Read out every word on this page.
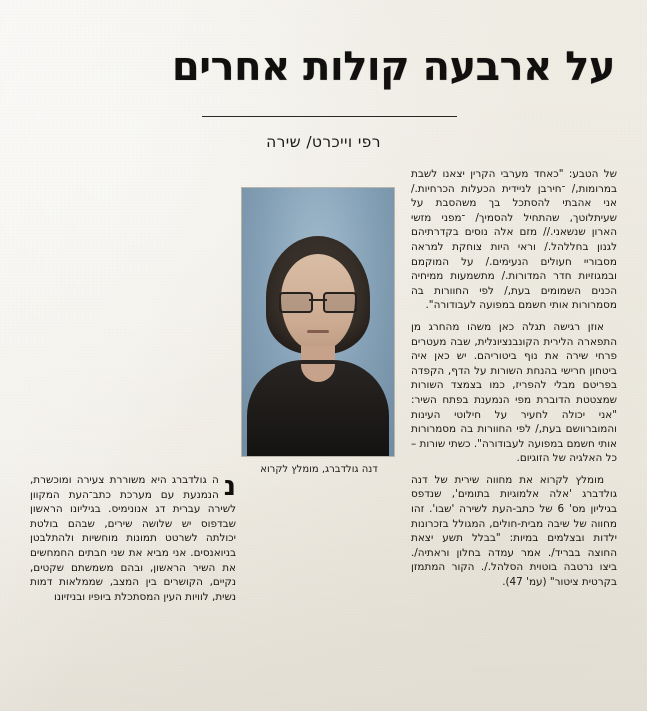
על ארבעה קולות אחרים
רפי וייכרט/ שירה

של הטבע: "כאחד מערבי הקרין יצאנו לשבת במרומות,/ ־חירבן לניידית הכעלות הכרחיות./ אני אהבתי להסתכל בך משהסבת על שעיתלוטך, שהתחיל להסמיך/ ־מפני מזשי הארון שנשאני.// מזם אלה נוסים בקדרתיהם לגנון בחללהל./ וראי היות צוחקת למראה מסבוריי חעולים הנעימים./ על המוקמם ובמגוזיות חדר המדורות./ מתשמעות ממיחיה הכנים השמומים בעת,/ לפי החוורות בה מסמרורות אותי חשמם במפועה לעבודורה".

אוזן רגישה תגלה כאן משהו מהחרג מן התפארה הלירית הקונבנציונלית, שבה מעטרים פרחי שירה את נוף ביטוריהם. יש כאן איה ביטחון חרישי בהנחת השורות על הדף, הקפדה בפריטם מבלי להפריז, כמו בצמצד השורות שמצטטת הדוברת מפי הנמענת בפתח השיר: "אני יכולה לחעיר על חילוטי העינות והמוברוושם בעת,/ לפי החוורות בה מסמרורות אותי חשמם במפועה לעבודורה". כשתי שורות – כל האלגיה של הזוגיום.

מומלץ לקרוא את מחווה שירית של דנה גולדברג 'אלה אלמוגיות בתומים', שנדפס בגיליון מס' 6 של כתב-העת לשירה 'שבו'. זהו מחווה של שיבה מבית-חולים, המגולל בזכרונות ילדות ובצלמים במיות: "בבלל תשע יצאת החוצה בבריד/. אמר עמדה בחלון וראתיה/. ביצו נרטבה בוטוית הסלהל./. הקור המתמזן בקרטית ציטור" (עמ' 47).

דנה גולדברג, מומלץ לקרוא
נ

ה גולדברג היא משוררת צעירה ומוכשרת, הנמנעת עם מערכת כתב־העת המקוון לשירה עברית דג אנונימיס. בגיליונו הראשון שבדפוס יש שלושה שירים, שבהם בולטת יכולתה לשרטט תמונות מוחשיות ולהתלבטן בניואנסים. אני מביא את שני חבתים החמחשים את השיר הראשון, ובהם משמשתם שקטים, נקיים, הקושרים בין המצב, שממלאות דמות נשית, לוויות העין המסתכלת ביופיו ובניזיונו
